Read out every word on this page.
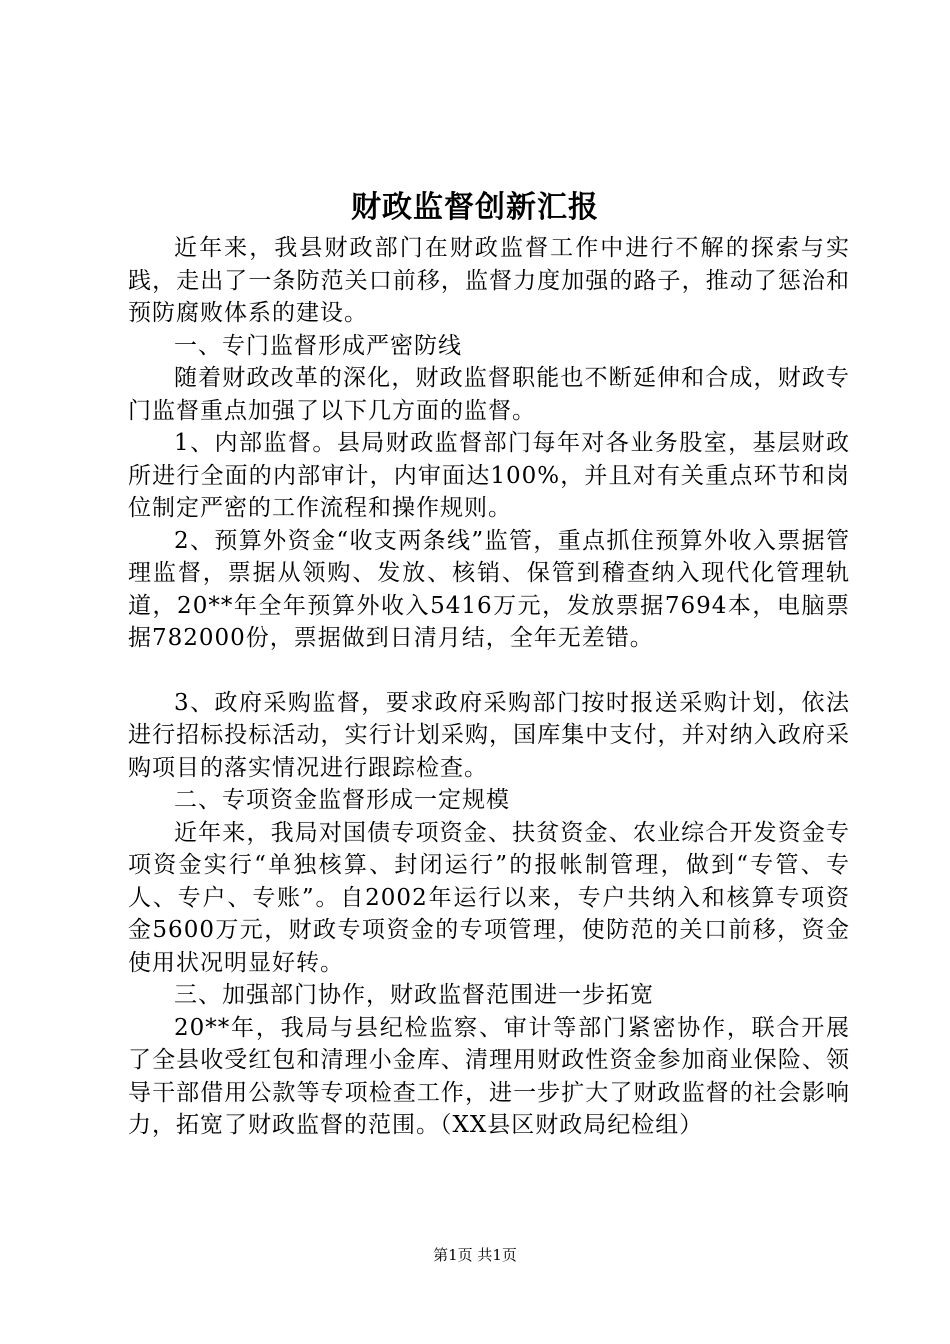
财政监督创新汇报

近年来，我县财政部门在财政监督工作中进行不解的探索与实践，走出了一条防范关口前移，监督力度加强的路子，推动了惩治和预防腐败体系的建设。

一、专门监督形成严密防线

随着财政改革的深化，财政监督职能也不断延伸和合成，财政专门监督重点加强了以下几方面的监督。

1、内部监督。县局财政监督部门每年对各业务股室，基层财政所进行全面的内部审计，内审面达100%，并且对有关重点环节和岗位制定严密的工作流程和操作规则。

2、预算外资金“收支两条线”监管，重点抓住预算外收入票据管理监督，票据从领购、发放、核销、保管到稽查纳入现代化管理轨道，20**年全年预算外收入5416万元，发放票据7694本，电脑票据782000份，票据做到日清月结，全年无差错。

3、政府采购监督，要求政府采购部门按时报送采购计划，依法进行招标投标活动，实行计划采购，国库集中支付，并对纳入政府采购项目的落实情况进行跟踪检查。

二、专项资金监督形成一定规模

近年来，我局对国债专项资金、扶贫资金、农业综合开发资金专项资金实行“单独核算、封闭运行”的报帐制管理，做到“专管、专人、专户、专账”。自2002年运行以来，专户共纳入和核算专项资金5600万元，财政专项资金的专项管理，使防范的关口前移，资金使用状况明显好转。

三、加强部门协作，财政监督范围进一步拓宽

20**年，我局与县纪检监察、审计等部门紧密协作，联合开展了全县收受红包和清理小金库、清理用财政性资金参加商业保险、领导干部借用公款等专项检查工作，进一步扩大了财政监督的社会影响力，拓宽了财政监督的范围。（XX县区财政局纪检组）

第1页 共1页
